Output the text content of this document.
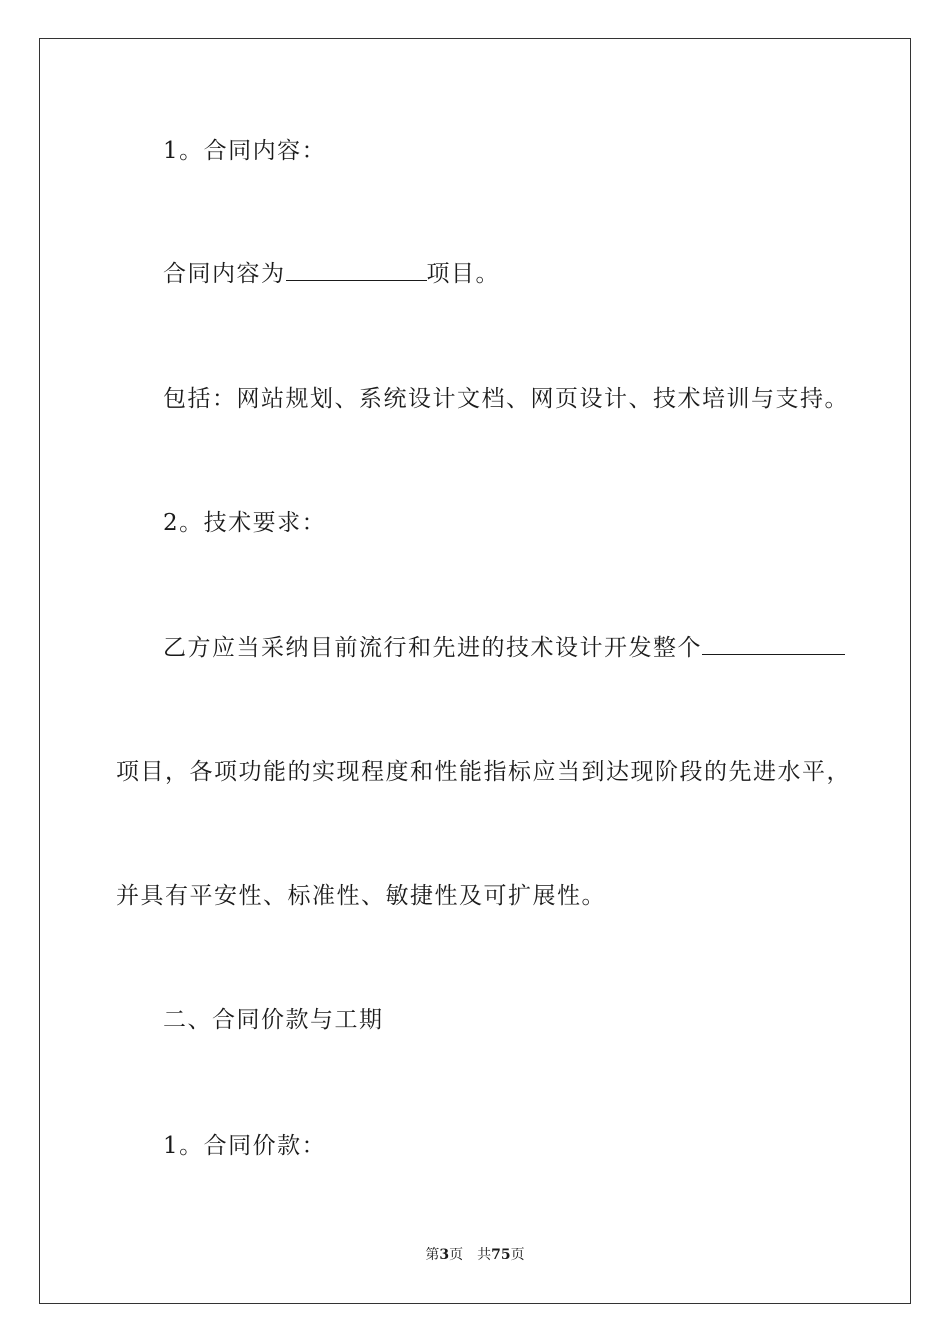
1。合同内容：
合同内容为	项目。
包括：网站规划、系统设计文档、网页设计、技术培训与支持。
2。技术要求：
乙方应当采纳目前流行和先进的技术设计开发整个
项目，各项功能的实现程度和性能指标应当到达现阶段的先进水平，
并具有平安性、标准性、敏捷性及可扩展性。
二、合同价款与工期
1。合同价款：
第3页 共75页
